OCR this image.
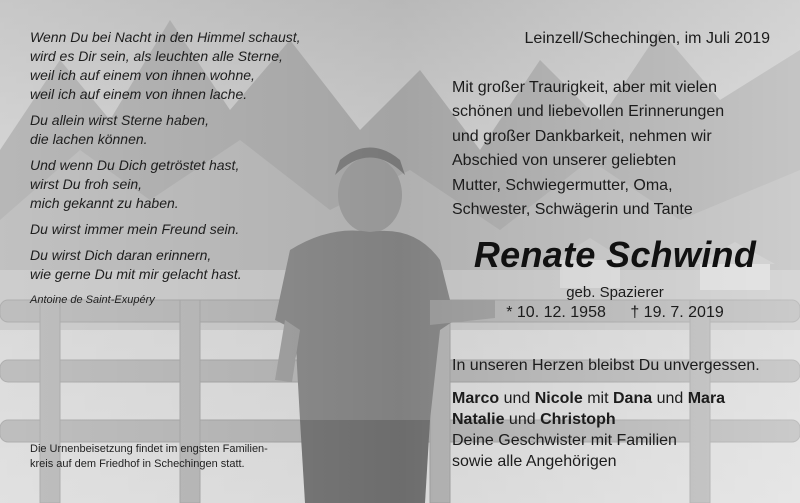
Wenn Du bei Nacht in den Himmel schaust,
wird es Dir sein, als leuchten alle Sterne,
weil ich auf einem von ihnen wohne,
weil ich auf einem von ihnen lache.
Du allein wirst Sterne haben,
die lachen können.
Und wenn Du Dich getröstet hast,
wirst Du froh sein,
mich gekannt zu haben.
Du wirst immer mein Freund sein.
Du wirst Dich daran erinnern,
wie gerne Du mit mir gelacht hast.
Antoine de Saint-Exupéry
Die Urnenbeisetzung findet im engsten Familien-
kreis auf dem Friedhof in Schechingen statt.
Leinzell/Schechingen, im Juli 2019
Mit großer Traurigkeit, aber mit vielen
schönen und liebevollen Erinnerungen
und großer Dankbarkeit, nehmen wir
Abschied von unserer geliebten
Mutter, Schwiegermutter, Oma,
Schwester, Schwägerin und Tante
Renate Schwind
geb. Spazierer
* 10. 12. 1958 † 19. 7. 2019
In unseren Herzen bleibst Du unvergessen.
Marco und Nicole mit Dana und Mara
Natalie und Christoph
Deine Geschwister mit Familien
sowie alle Angehörigen
